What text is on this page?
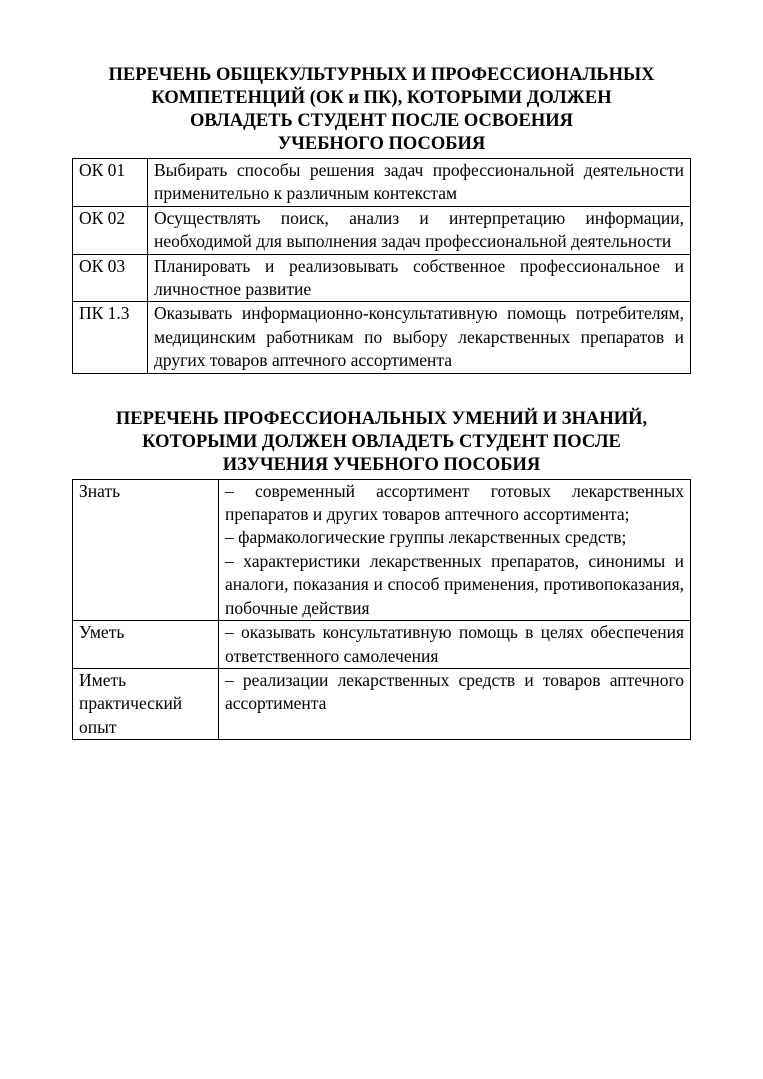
ПЕРЕЧЕНЬ ОБЩЕКУЛЬТУРНЫХ И ПРОФЕССИОНАЛЬНЫХ
КОМПЕТЕНЦИЙ (ОК и ПК), КОТОРЫМИ ДОЛЖЕН
ОВЛАДЕТЬ СТУДЕНТ ПОСЛЕ ОСВОЕНИЯ
УЧЕБНОГО ПОСОБИЯ
ОК 01	Выбирать способы решения задач профессиональной деятельности применительно к различным контекстам
ОК 02	Осуществлять поиск, анализ и интерпретацию информации, необходимой для выполнения задач профессиональной деятельности
ОК 03	Планировать и реализовывать собственное профессиональное и личностное развитие
ПК 1.3	Оказывать информационно-консультативную помощь потребителям, медицинским работникам по выбору лекарственных препаратов и других товаров аптечного ассортимента
ПЕРЕЧЕНЬ ПРОФЕССИОНАЛЬНЫХ УМЕНИЙ И ЗНАНИЙ,
КОТОРЫМИ ДОЛЖЕН ОВЛАДЕТЬ СТУДЕНТ ПОСЛЕ
ИЗУЧЕНИЯ УЧЕБНОГО ПОСОБИЯ
Знать	– современный ассортимент готовых лекарственных препаратов и других товаров аптечного ассортимента;
– фармакологические группы лекарственных средств;
– характеристики лекарственных препаратов, синонимы и аналоги, показания и способ применения, противопоказания, побочные действия

Уметь	– оказывать консультативную помощь в целях обеспечения ответственного самолечения

Иметь практический опыт	– реализации лекарственных средств и товаров аптечного ассортимента
